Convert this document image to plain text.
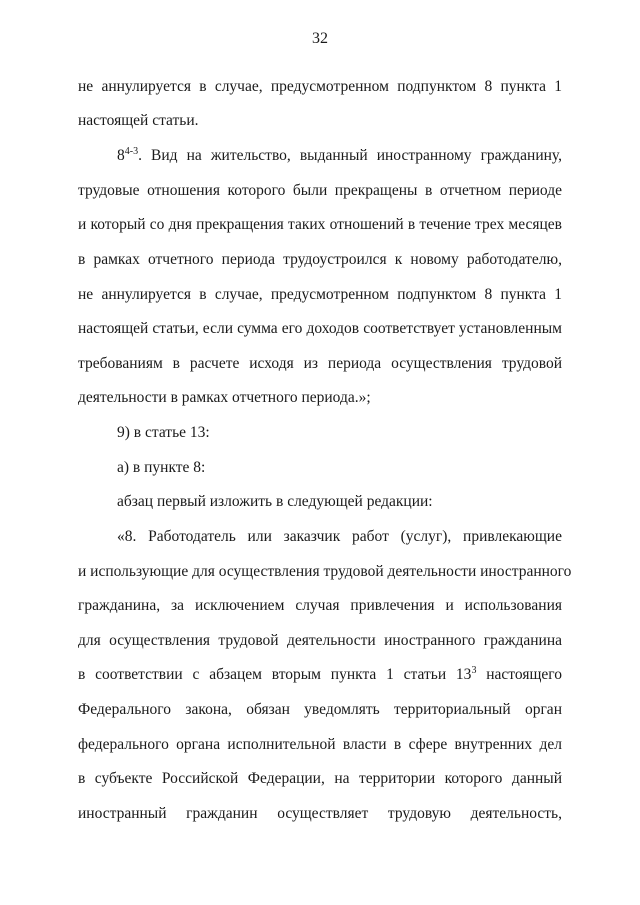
32
не аннулируется в случае, предусмотренном подпунктом 8 пункта 1
настоящей статьи.
8$^{4-3}$. Вид на жительство, выданный иностранному гражданину,
трудовые отношения которого были прекращены в отчетном периоде
и который со дня прекращения таких отношений в течение трех месяцев
в рамках отчетного периода трудоустроился к новому работодателю,
не аннулируется в случае, предусмотренном подпунктом 8 пункта 1
настоящей статьи, если сумма его доходов соответствует установленным
требованиям в расчете исходя из периода осуществления трудовой
деятельности в рамках отчетного периода.»;
9) в статье 13:
а) в пункте 8:
абзац первый изложить в следующей редакции:
«8. Работодатель или заказчик работ (услуг), привлекающие
и использующие для осуществления трудовой деятельности иностранного
гражданина, за исключением случая привлечения и использования
для осуществления трудовой деятельности иностранного гражданина
в соответствии с абзацем вторым пункта 1 статьи $13^3$ настоящего
Федерального закона, обязан уведомлять территориальный орган
федерального органа исполнительной власти в сфере внутренних дел
в субъекте Российской Федерации, на территории которого данный
иностранный гражданин осуществляет трудовую деятельность,
